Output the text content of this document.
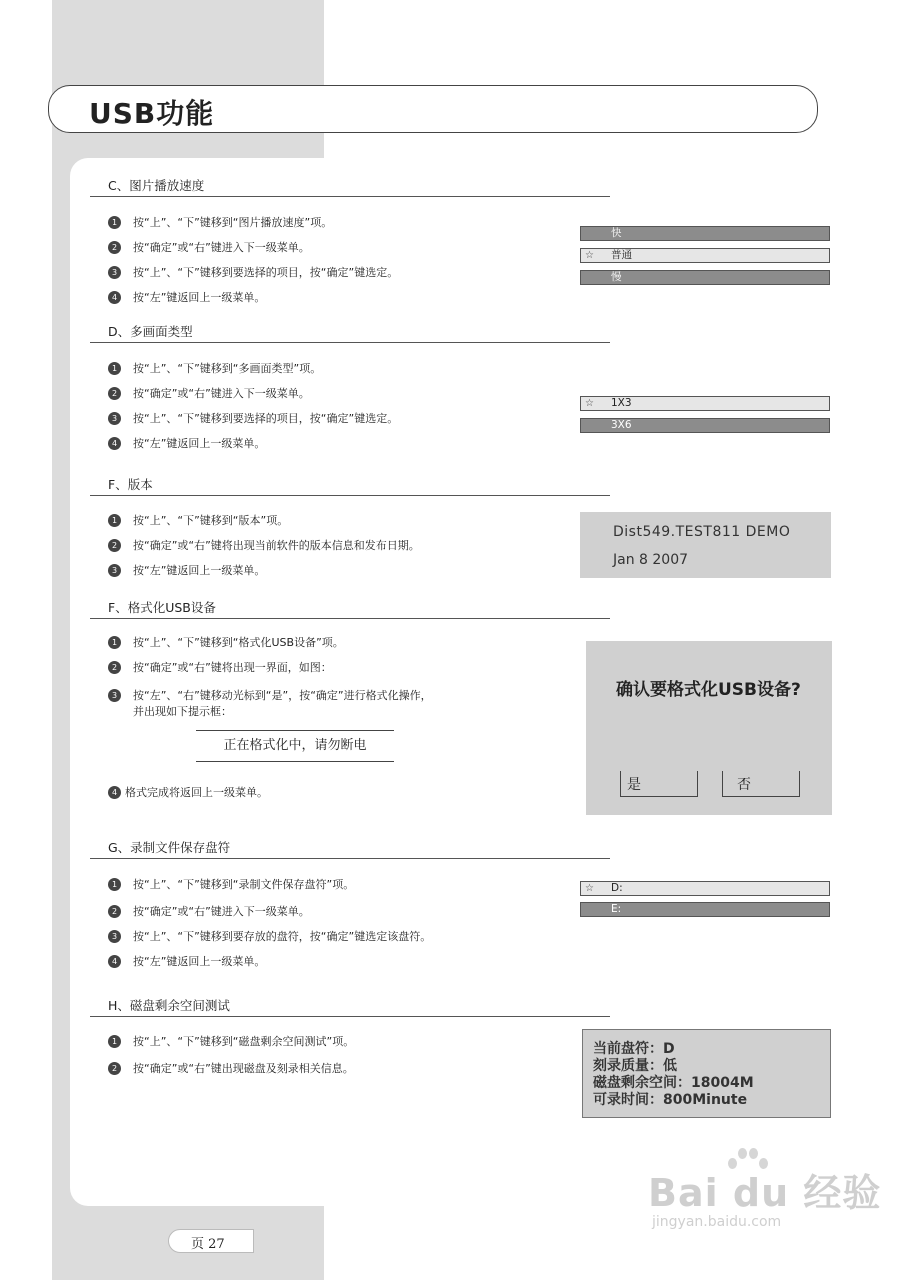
USB功能
C、图片播放速度
1 按“上”、“下”键移到“图片播放速度”项。
2 按“确定”或“右”键进入下一级菜单。
3 按“上”、“下”键移到要选择的项目，按“确定”键选定。
4 按“左”键返回上一级菜单。
快
☆ 普通
慢
D、多画面类型
1 按“上”、“下”键移到“多画面类型”项。
2 按“确定”或“右”键进入下一级菜单。
3 按“上”、“下”键移到要选择的项目，按“确定”键选定。
4 按“左”键返回上一级菜单。
☆ 1X3
3X6
F、版本
1 按“上”、“下”键移到“版本”项。
2 按“确定”或“右”键将出现当前软件的版本信息和发布日期。
3 按“左”键返回上一级菜单。
Dist549.TEST811 DEMO
Jan 8 2007
F、格式化USB设备
1 按“上”、“下”键移到“格式化USB设备”项。
2 按“确定”或“右”键将出现一界面，如图：
3 按“左”、“右”键移动光标到“是”，按“确定”进行格式化操作，
并出现如下提示框：
正在格式化中，请勿断电
4 格式完成将返回上一级菜单。
确认要格式化USB设备?
是	否
G、录制文件保存盘符
1 按“上”、“下”键移到“录制文件保存盘符”项。
2 按“确定”或“右”键进入下一级菜单。
3 按“上”、“下”键移到要存放的盘符，按“确定”键选定该盘符。
4 按“左”键返回上一级菜单。
☆ D:
E:
H、磁盘剩余空间测试
1 按“上”、“下”键移到“磁盘剩余空间测试”项。
2 按“确定”或“右”键出现磁盘及刻录相关信息。
当前盘符：D
刻录质量：低
磁盘剩余空间：18004M
可录时间：800Minute
页 27
Bai du 经验
jingyan.baidu.com
